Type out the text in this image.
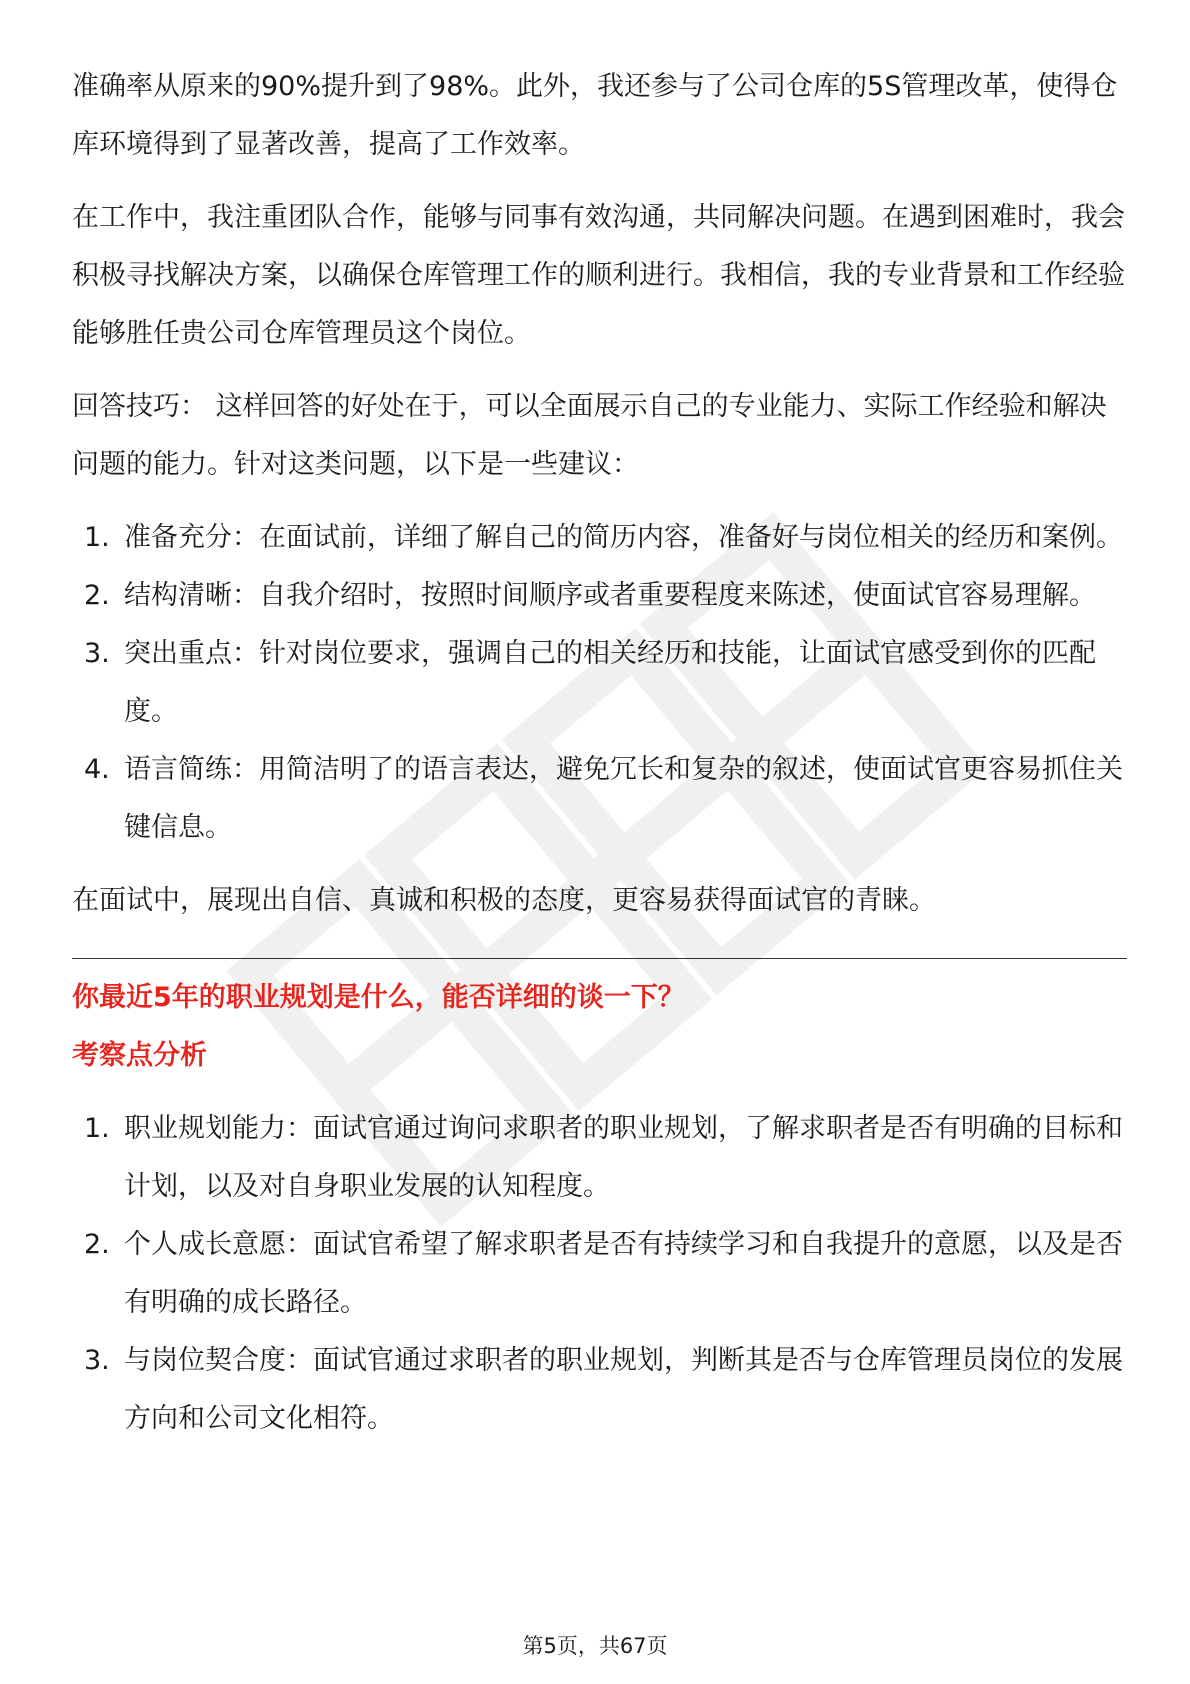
准确率从原来的90%提升到了98%。此外，我还参与了公司仓库的5S管理改革，使得仓库环境得到了显著改善，提高了工作效率。

在工作中，我注重团队合作，能够与同事有效沟通，共同解决问题。在遇到困难时，我会积极寻找解决方案，以确保仓库管理工作的顺利进行。我相信，我的专业背景和工作经验能够胜任贵公司仓库管理员这个岗位。

回答技巧： 这样回答的好处在于，可以全面展示自己的专业能力、实际工作经验和解决问题的能力。针对这类问题，以下是一些建议：

1. 准备充分：在面试前，详细了解自己的简历内容，准备好与岗位相关的经历和案例。
2. 结构清晰：自我介绍时，按照时间顺序或者重要程度来陈述，使面试官容易理解。
3. 突出重点：针对岗位要求，强调自己的相关经历和技能，让面试官感受到你的匹配度。
4. 语言简练：用简洁明了的语言表达，避免冗长和复杂的叙述，使面试官更容易抓住关键信息。

在面试中，展现出自信、真诚和积极的态度，更容易获得面试官的青睐。

你最近5年的职业规划是什么，能否详细的谈一下？

考察点分析

1. 职业规划能力：面试官通过询问求职者的职业规划，了解求职者是否有明确的目标和计划，以及对自身职业发展的认知程度。
2. 个人成长意愿：面试官希望了解求职者是否有持续学习和自我提升的意愿，以及是否有明确的成长路径。
3. 与岗位契合度：面试官通过求职者的职业规划，判断其是否与仓库管理员岗位的发展方向和公司文化相符。
第5页，共67页
